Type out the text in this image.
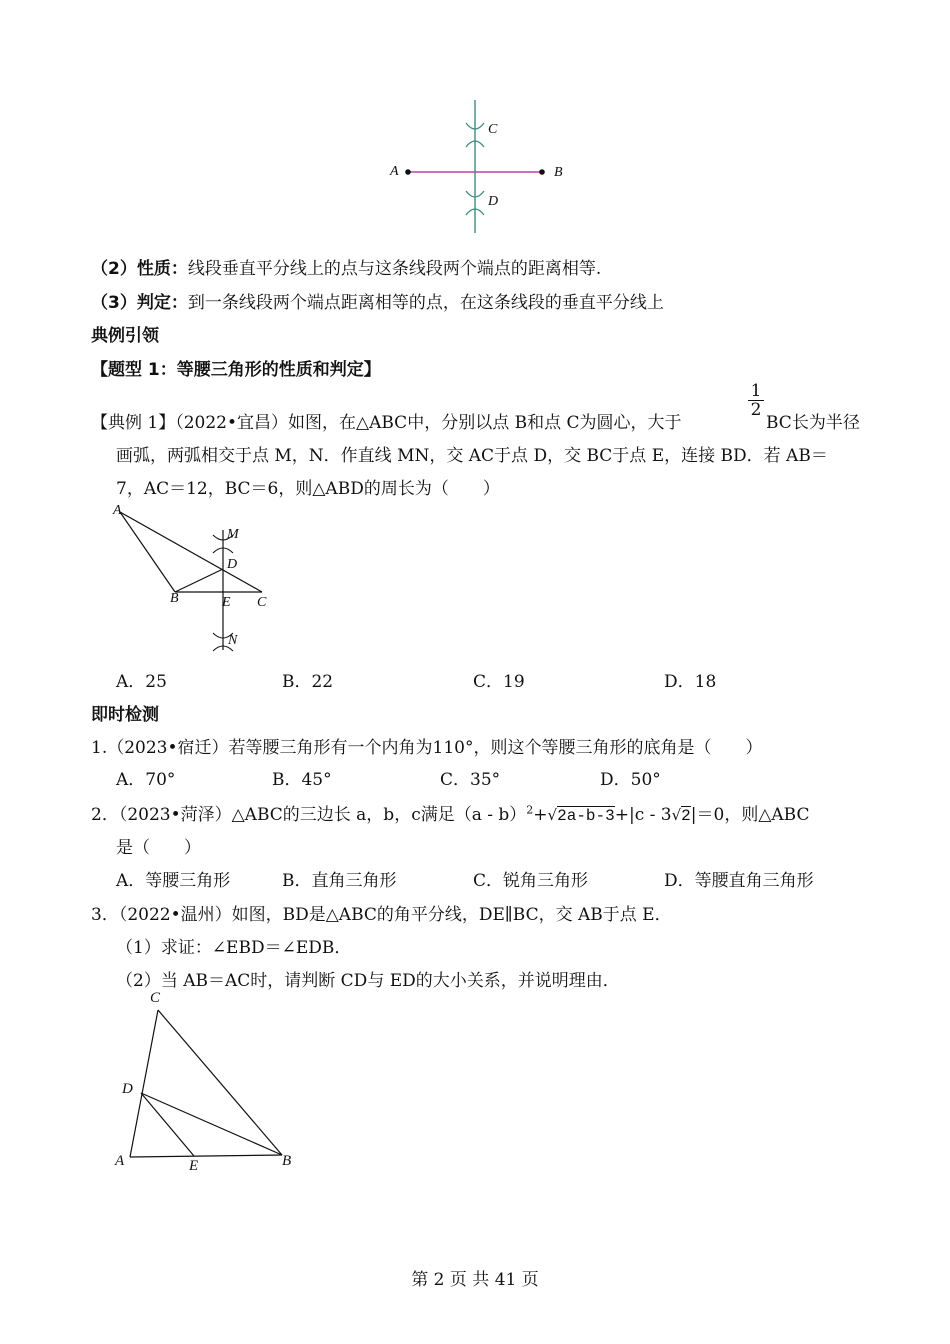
A	B
C
D
（2）性质：线段垂直平分线上的点与这条线段两个端点的距离相等.
（3）判定：到一条线段两个端点距离相等的点，在这条线段的垂直平分线上
典例引领
【题型 1：等腰三角形的性质和判定】
【典例 1】（2022•宜昌）如图，在△ABC中，分别以点 B和点 C为圆心，大于
$\frac{1}{2}$
BC长为半径
画弧，两弧相交于点 M，N．作直线 MN，交 AC于点 D，交 BC于点 E，连接 BD．若 AB＝
7，AC＝12，BC＝6，则△ABD的周长为（　　）
A
M
D
B	E C
N
A．25	B．22	C．19	D．18
即时检测
1.（2023•宿迁）若等腰三角形有一个内角为110°，则这个等腰三角形的底角是（　　）
A．70°	B．45°	C．35°	D．50°
2．（2023•菏泽）△ABC的三边长 a，b，c满足（a - b）$^2$+√2a-b-3+|c - 3√2|＝0，则△ABC
是（　　）
A．等腰三角形	B．直角三角形	C．锐角三角形	D．等腰直角三角形
3．（2022•温州）如图，BD是△ABC的角平分线，DE∥BC，交 AB于点 E．
（1）求证：∠EBD＝∠EDB．
（2）当 AB＝AC时，请判断 CD与 ED的大小关系，并说明理由．
C
D
A	E	B
第 2 页 共 41 页
